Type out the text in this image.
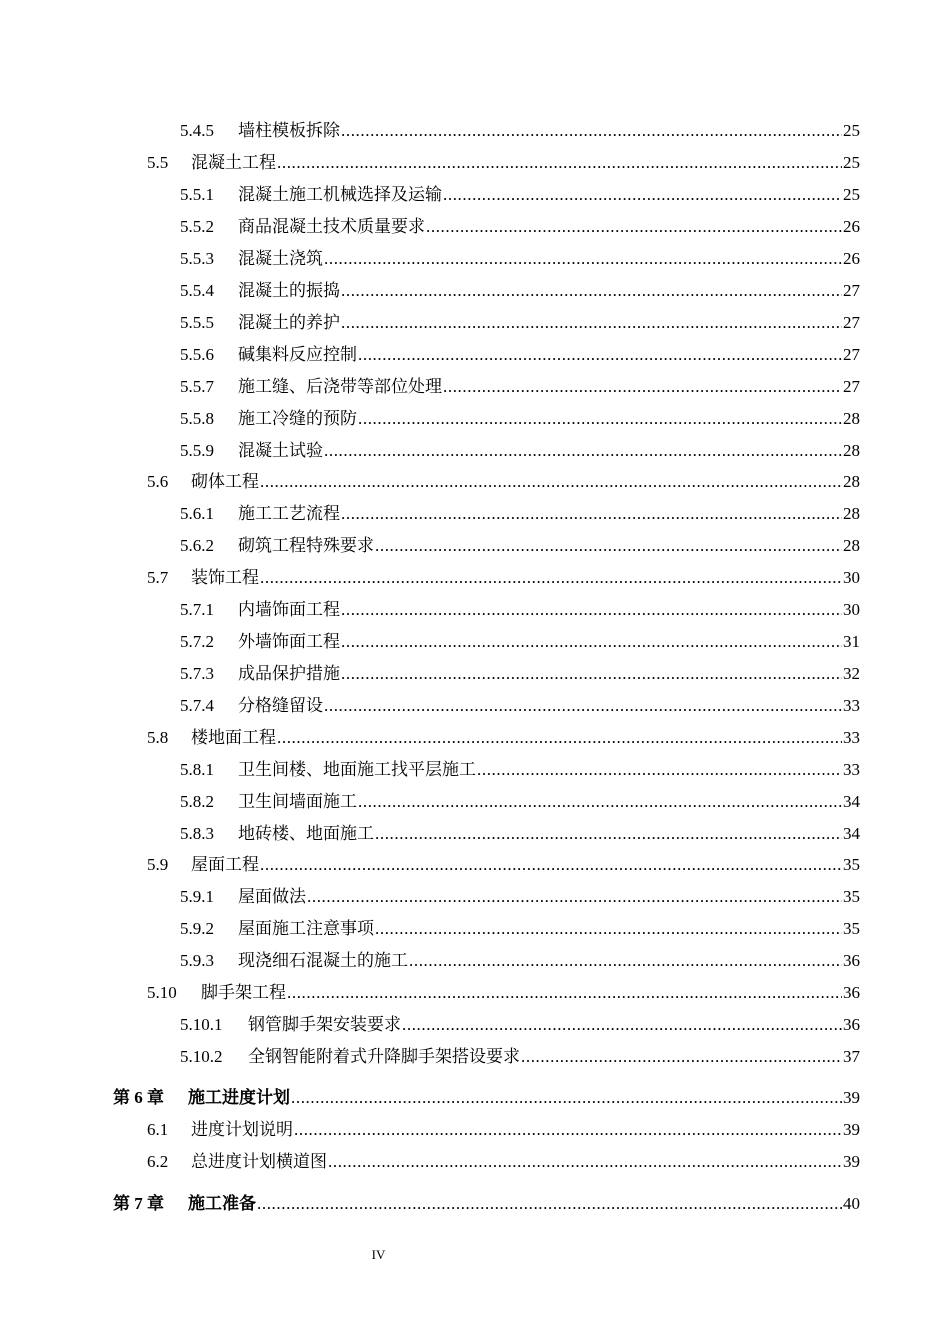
5.4.5	墙柱模板拆除 .....	25
5.5	混凝土工程 .....	25
5.5.1	混凝土施工机械选择及运输 .....	25
5.5.2	商品混凝土技术质量要求 .....	26
5.5.3	混凝土浇筑 .....	26
5.5.4	混凝土的振捣 .....	27
5.5.5	混凝土的养护 .....	27
5.5.6	碱集料反应控制 .....	27
5.5.7	施工缝、后浇带等部位处理 .....	27
5.5.8	施工冷缝的预防 .....	28
5.5.9	混凝土试验 .....	28
5.6	砌体工程 .....	28
5.6.1	施工工艺流程 .....	28
5.6.2	砌筑工程特殊要求 .....	28
5.7	装饰工程 .....	30
5.7.1	内墙饰面工程 .....	30
5.7.2	外墙饰面工程 .....	31
5.7.3	成品保护措施 .....	32
5.7.4	分格缝留设 .....	33
5.8	楼地面工程 .....	33
5.8.1	卫生间楼、地面施工找平层施工 .....	33
5.8.2	卫生间墙面施工 .....	34
5.8.3	地砖楼、地面施工 .....	34
5.9	屋面工程 .....	35
5.9.1	屋面做法 .....	35
5.9.2	屋面施工注意事项 .....	35
5.9.3	现浇细石混凝土的施工 .....	36
5.10	脚手架工程 .....	36
5.10.1	钢管脚手架安装要求 .....	36
5.10.2	全钢智能附着式升降脚手架搭设要求 .....	37
第 6 章	施工进度计划 .....	39
6.1	进度计划说明 .....	39
6.2	总进度计划横道图 .....	39
第 7 章	施工准备 .....	40
IV
